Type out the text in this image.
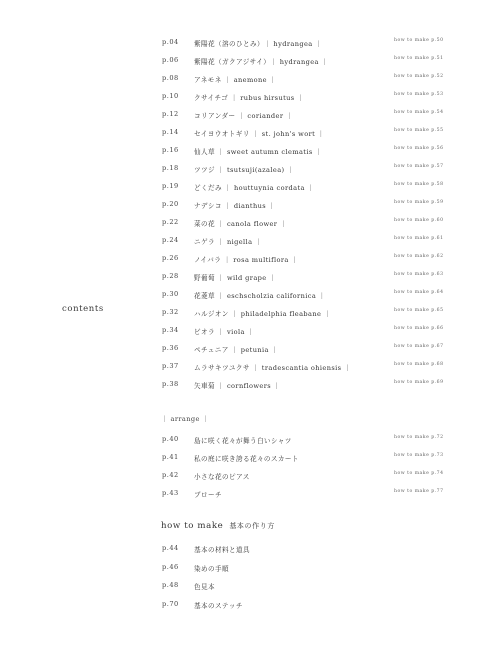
contents
p.04 紫陽花（溶のひとみ）｜ hydrangea ｜	how to make p.50
p.06 紫陽花（ガクアジサイ）｜ hydrangea ｜	how to make p.51
p.08 アネモネ ｜ anemone ｜	how to make p.52
p.10 クサイチゴ ｜ rubus hirsutus ｜	how to make p.53
p.12 コリアンダー ｜ coriander ｜	how to make p.54
p.14 セイヨウオトギリ ｜ st. john's wort ｜	how to make p.55
p.16 仙人草 ｜ sweet autumn clematis ｜	how to make p.56
p.18 ツツジ ｜ tsutsuji(azalea) ｜	how to make p.57
p.19 どくだみ ｜ houttuynia cordata ｜	how to make p.58
p.20 ナデシコ ｜ dianthus ｜	how to make p.59
p.22 菜の花 ｜ canola flower ｜	how to make p.60
p.24 ニゲラ ｜ nigella ｜	how to make p.61
p.26 ノイバラ ｜ rosa multiflora ｜	how to make p.62
p.28 野葡萄 ｜ wild grape ｜	how to make p.63
p.30 花菱草 ｜ eschscholzia californica ｜	how to make p.64
p.32 ハルジオン ｜ philadelphia fleabane ｜	how to make p.65
p.34 ビオラ ｜ viola ｜	how to make p.66
p.36 ペチュニア ｜ petunia ｜	how to make p.67
p.37 ムラサキツユクサ ｜ tradescantia ohiensis ｜	how to make p.68
p.38 矢車菊 ｜ cornflowers ｜	how to make p.69
｜ arrange ｜
p.40 島に咲く花々が舞う白いシャツ	how to make p.72
p.41 私の庭に咲き誇る花々のスカート	how to make p.73
p.42 小さな花のピアス	how to make p.74
p.43 ブローチ	how to make p.77
how to make 基本の作り方
p.44 基本の材料と道具
p.46 染めの手順
p.48 色見本
p.70 基本のステッチ
